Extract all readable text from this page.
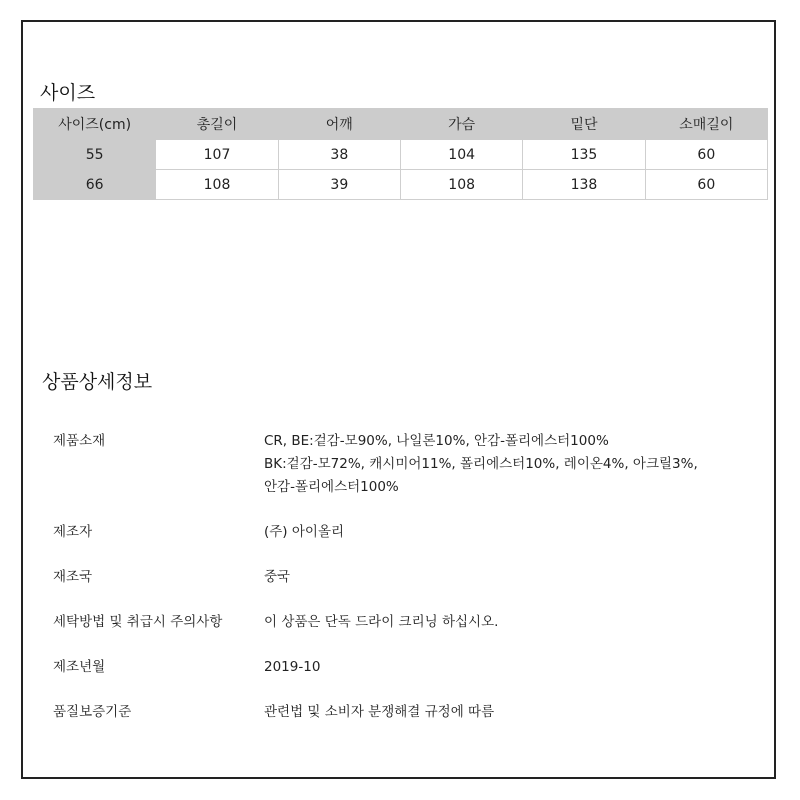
사이즈
사이즈(cm)	총길이	어깨	가슴	밑단	소매길이
55	107	38	104	135	60
66	108	39	108	138	60
상품상세정보
제품소재	CR, BE:겉감-모90%, 나일론10%, 안감-폴리에스터100%
BK:겉감-모72%, 캐시미어11%, 폴리에스터10%, 레이온4%, 아크릴3%,
안감-폴리에스터100%
제조자	(주) 아이올리
재조국	중국
세탁방법 및 취급시 주의사항	이 상품은 단독 드라이 크리닝 하십시오.
제조년월	2019-10
품질보증기준	관련법 및 소비자 분쟁해결 규정에 따름
